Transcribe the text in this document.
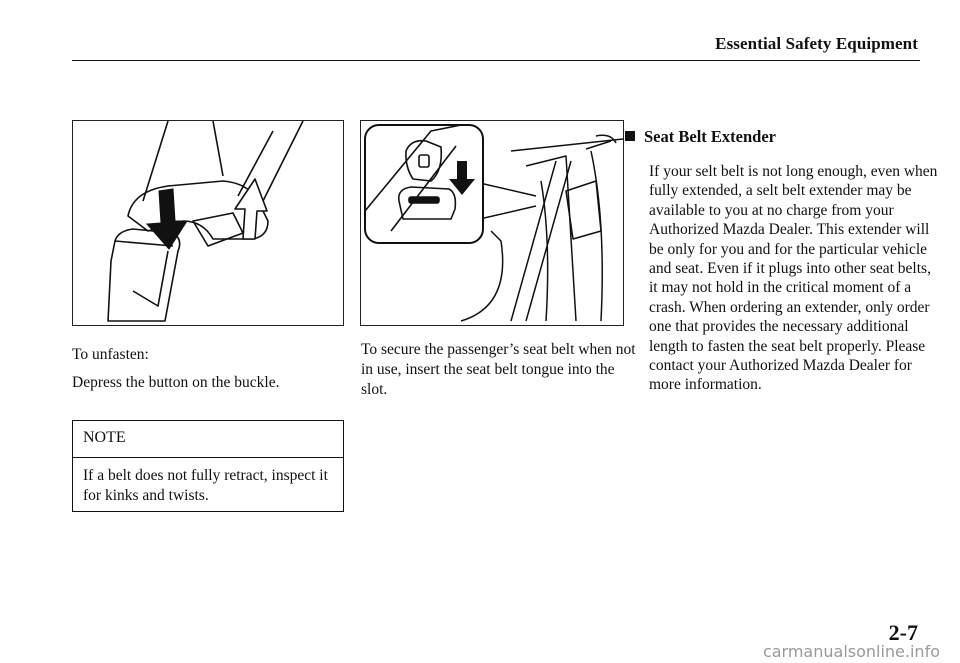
Essential Safety Equipment
To unfasten:
Depress the button on the buckle.
NOTE
If a belt does not fully retract, inspect it for kinks and twists.
To secure the passenger’s seat belt when not in use, insert the seat belt tongue into the slot.
Seat Belt Extender
If your selt belt is not long enough, even when fully extended, a selt belt extender may be available to you at no charge from your Authorized Mazda Dealer. This extender will be only for you and for the particular vehicle and seat. Even if it plugs into other seat belts, it may not hold in the critical moment of a crash. When ordering an extender, only order one that provides the necessary additional length to fasten the seat belt properly. Please contact your Authorized Mazda Dealer for more information.
2-7
carmanualsonline.info
